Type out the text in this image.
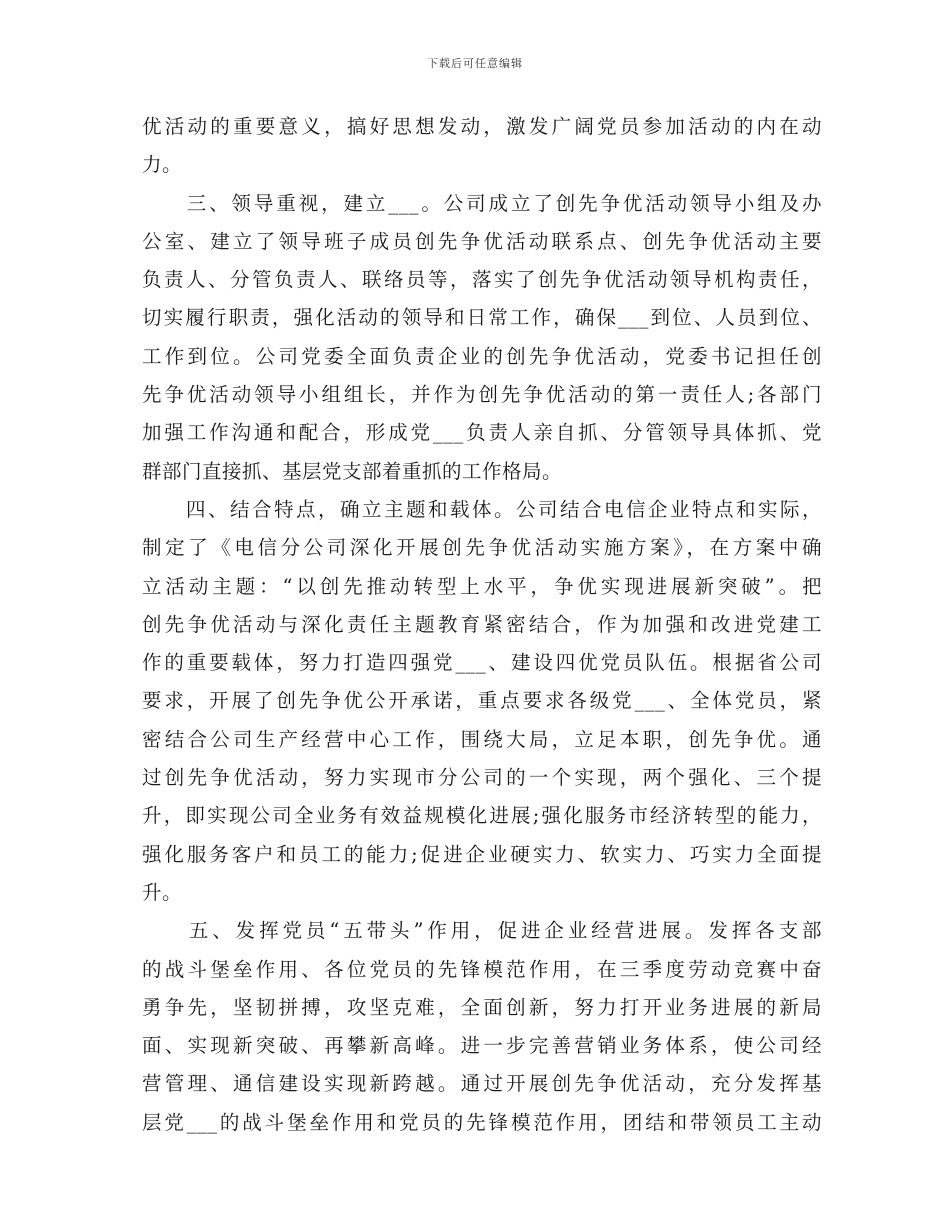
下载后可任意编辑
优活动的重要意义，搞好思想发动，激发广阔党员参加活动的内在动
力。
　　三、领导重视，建立___。公司成立了创先争优活动领导小组及办
公室、建立了领导班子成员创先争优活动联系点、创先争优活动主要
负责人、分管负责人、联络员等，落实了创先争优活动领导机构责任，
切实履行职责，强化活动的领导和日常工作，确保___到位、人员到位、
工作到位。公司党委全面负责企业的创先争优活动，党委书记担任创
先争优活动领导小组组长，并作为创先争优活动的第一责任人;各部门
加强工作沟通和配合，形成党___负责人亲自抓、分管领导具体抓、党
群部门直接抓、基层党支部着重抓的工作格局。
　　四、结合特点，确立主题和载体。公司结合电信企业特点和实际，
制定了《电信分公司深化开展创先争优活动实施方案》，在方案中确
立活动主题：“以创先推动转型上水平，争优实现进展新突破”。把
创先争优活动与深化责任主题教育紧密结合，作为加强和改进党建工
作的重要载体，努力打造四强党___、建设四优党员队伍。根据省公司
要求，开展了创先争优公开承诺，重点要求各级党___、全体党员，紧
密结合公司生产经营中心工作，围绕大局，立足本职，创先争优。通
过创先争优活动，努力实现市分公司的一个实现，两个强化、三个提
升，即实现公司全业务有效益规模化进展;强化服务市经济转型的能力，
强化服务客户和员工的能力;促进企业硬实力、软实力、巧实力全面提
升。
　　五、发挥党员“五带头”作用，促进企业经营进展。发挥各支部
的战斗堡垒作用、各位党员的先锋模范作用，在三季度劳动竞赛中奋
勇争先，坚韧拼搏，攻坚克难，全面创新，努力打开业务进展的新局
面、实现新突破、再攀新高峰。进一步完善营销业务体系，使公司经
营管理、通信建设实现新跨越。通过开展创先争优活动，充分发挥基
层党___的战斗堡垒作用和党员的先锋模范作用，团结和带领员工主动
